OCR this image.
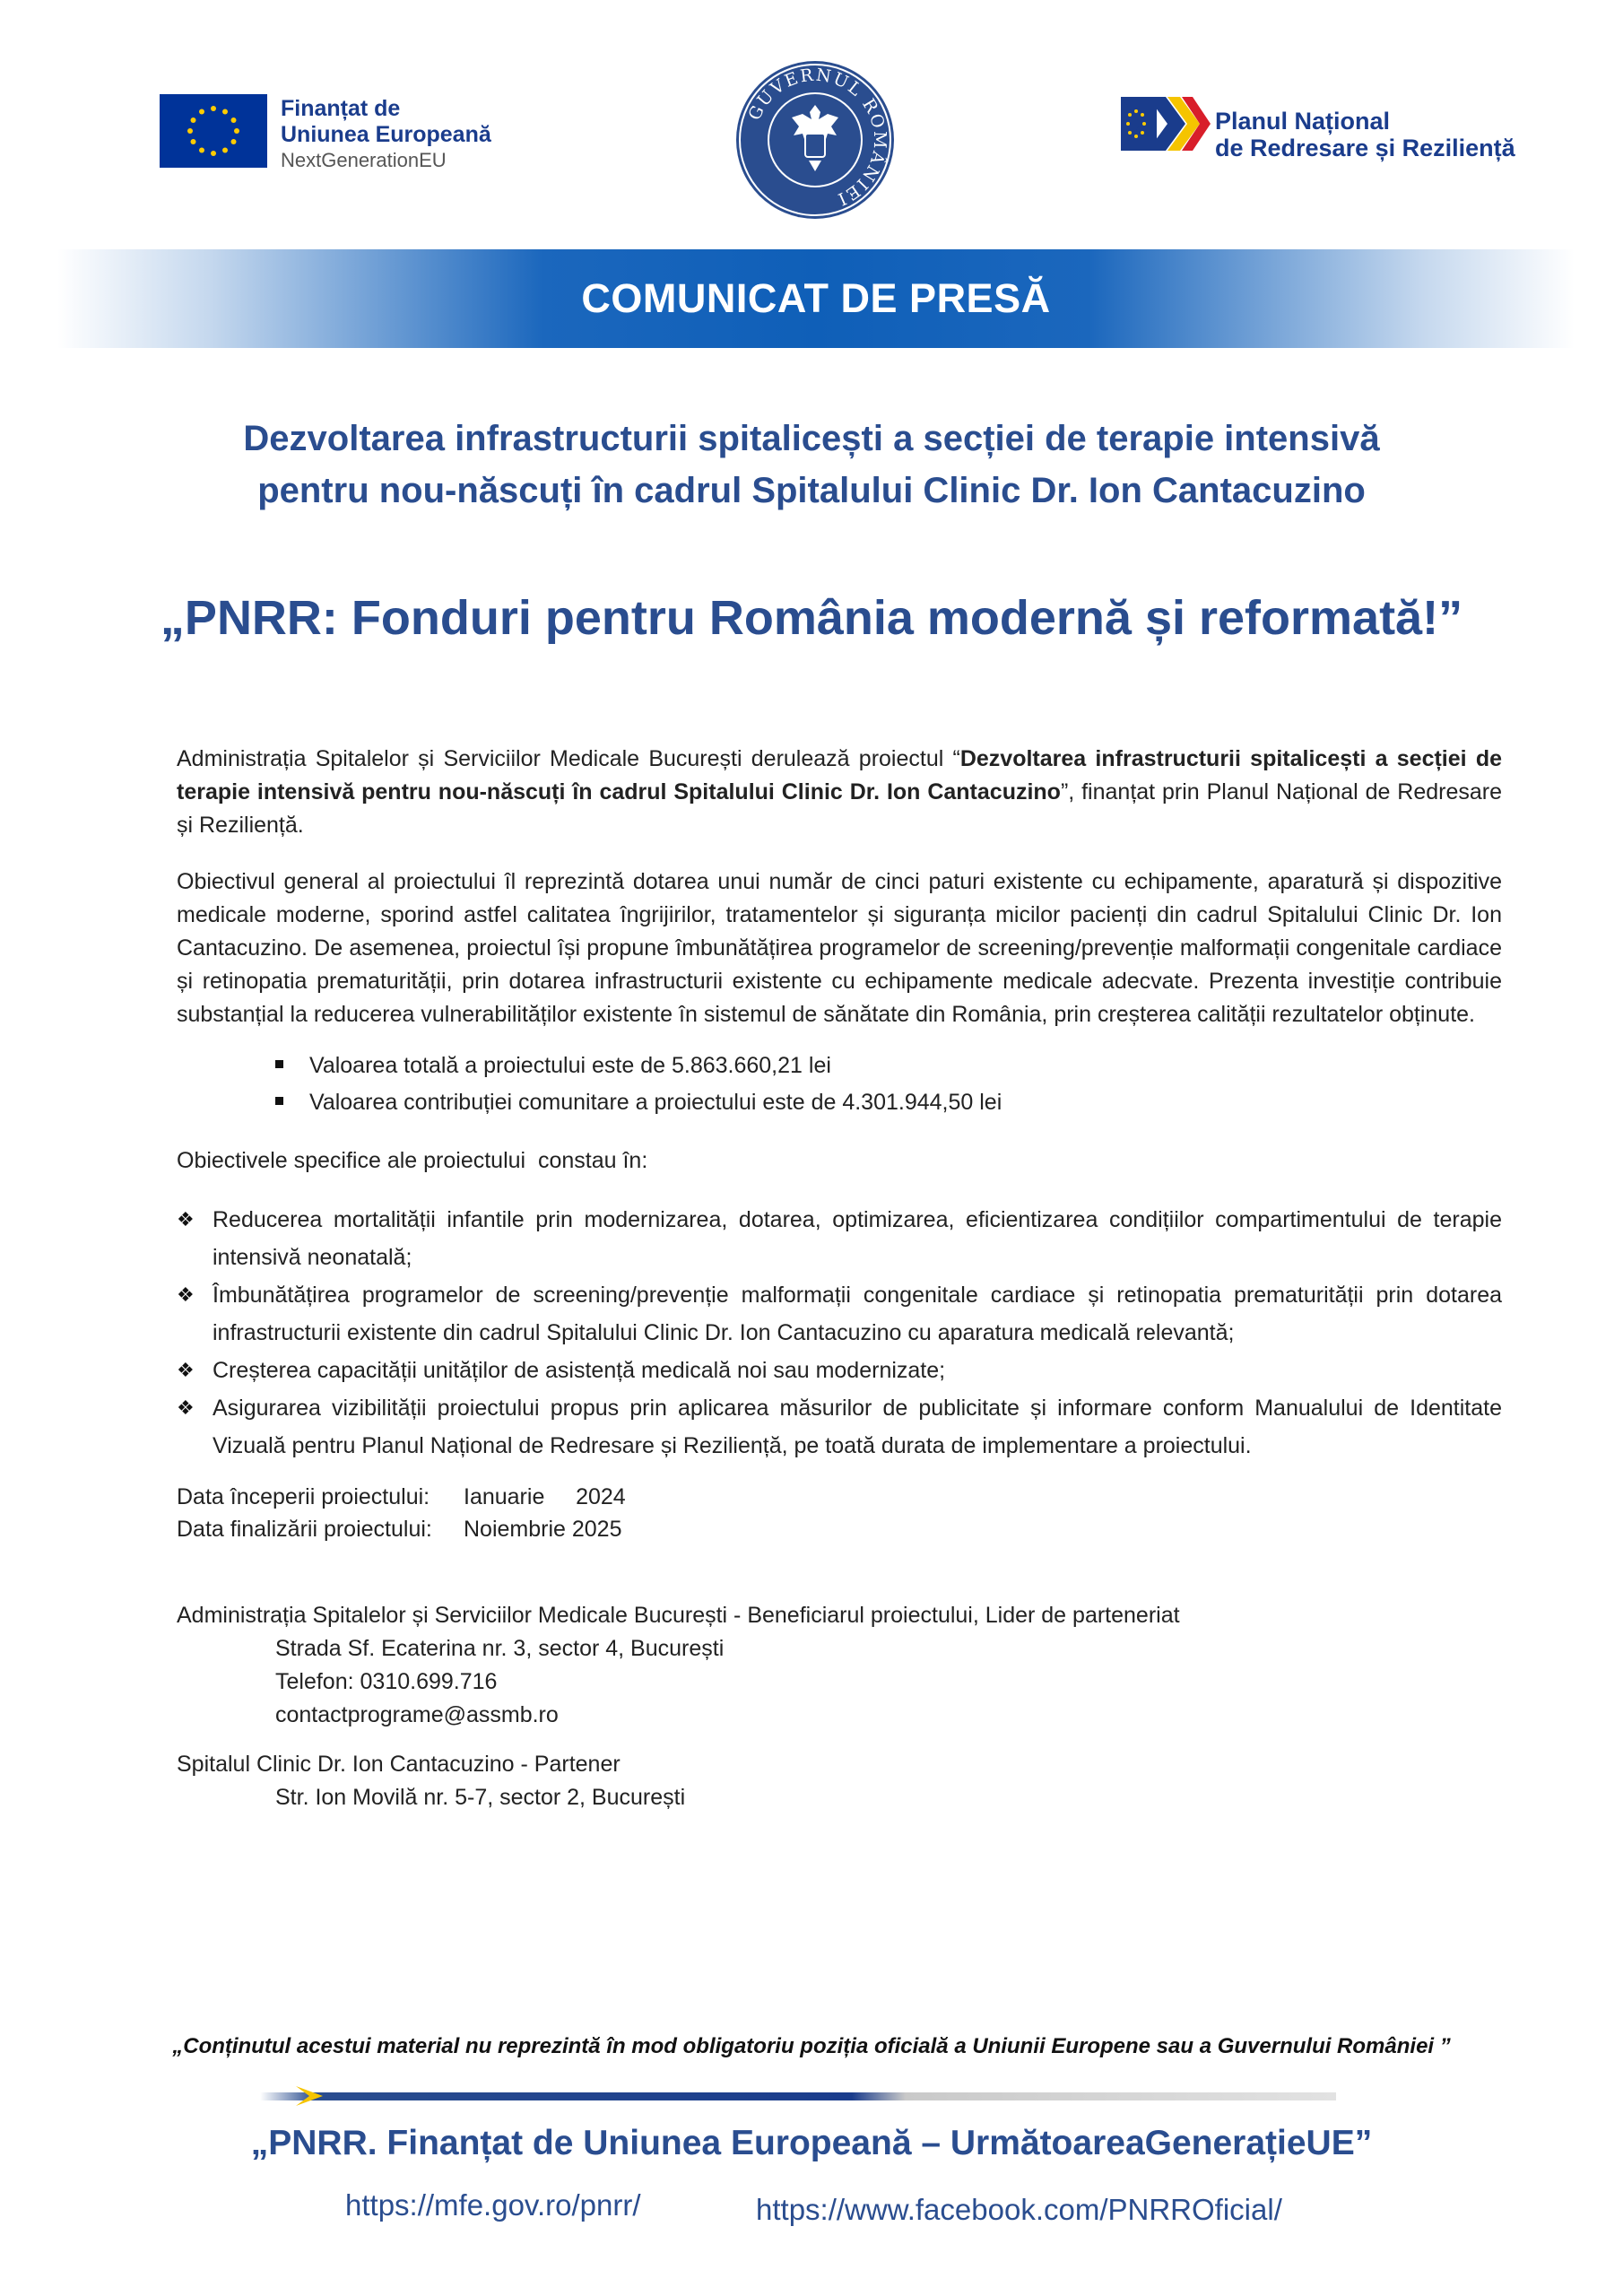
Finanțat de
Uniunea Europeană
NextGenerationEU
GUVERNUL ROMÂNIEI
Planul Național
de Redresare și Reziliență
COMUNICAT DE PRESĂ
Dezvoltarea infrastructurii spitalicești a secției de terapie intensivă
pentru nou-născuți în cadrul Spitalului Clinic Dr. Ion Cantacuzino
„PNRR: Fonduri pentru România modernă și reformată!”

Administrația Spitalelor și Serviciilor Medicale București derulează proiectul “Dezvoltarea infrastructurii spitalicești a secției de terapie intensivă pentru nou-născuți în cadrul Spitalului Clinic Dr. Ion Cantacuzino”, finanțat prin Planul Național de Redresare și Reziliență.

Obiectivul general al proiectului îl reprezintă dotarea unui număr de cinci paturi existente cu echipamente, aparatură și dispozitive medicale moderne, sporind astfel calitatea îngrijirilor, tratamentelor și siguranța micilor pacienți din cadrul Spitalului Clinic Dr. Ion Cantacuzino. De asemenea, proiectul își propune îmbunătățirea programelor de screening/prevenție malformații congenitale cardiace și retinopatia prematurității, prin dotarea infrastructurii existente cu echipamente medicale adecvate. Prezenta investiție contribuie substanțial la reducerea vulnerabilităților existente în sistemul de sănătate din România, prin creșterea calității rezultatelor obținute.

Valoarea totală a proiectului este de 5.863.660,21 lei
Valoarea contribuției comunitare a proiectului este de 4.301.944,50 lei

Obiectivele specifice ale proiectului  constau în:

❖ Reducerea mortalității infantile prin modernizarea, dotarea, optimizarea, eficientizarea condițiilor compartimentului de terapie intensivă neonatală;
❖ Îmbunătățirea programelor de screening/prevenție malformații congenitale cardiace și retinopatia prematurității prin dotarea infrastructurii existente din cadrul Spitalului Clinic Dr. Ion Cantacuzino cu aparatura medicală relevantă;
❖ Creșterea capacității unităților de asistență medicală noi sau modernizate;
❖ Asigurarea vizibilității proiectului propus prin aplicarea măsurilor de publicitate și informare conform Manualului de Identitate Vizuală pentru Planul Național de Redresare și Reziliență, pe toată durata de implementare a proiectului.
Data începerii proiectului: Ianuarie     2024
Data finalizării proiectului: Noiembrie 2025
Administrația Spitalelor și Serviciilor Medicale București - Beneficiarul proiectului, Lider de parteneriat
Strada Sf. Ecaterina nr. 3, sector 4, București
Telefon: 0310.699.716
contactprograme@assmb.ro
Spitalul Clinic Dr. Ion Cantacuzino - Partener
Str. Ion Movilă nr. 5-7, sector 2, București
„Conținutul acestui material nu reprezintă în mod obligatoriu poziția oficială a Uniunii Europene sau a Guvernului României ”
„PNRR. Finanțat de Uniunea Europeană – UrmătoareaGenerațieUE”
https://mfe.gov.ro/pnrr/	https://www.facebook.com/PNRROficial/
